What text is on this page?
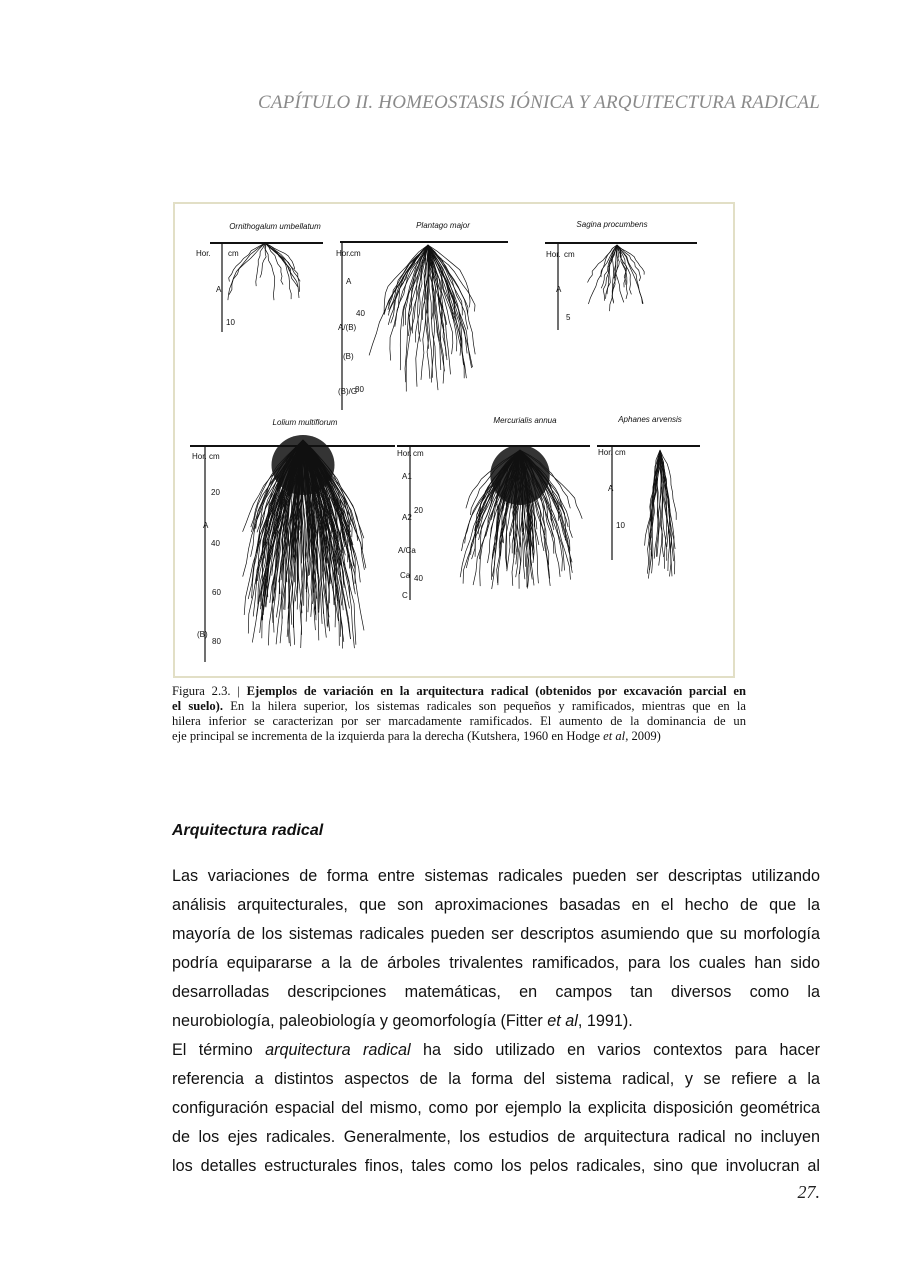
CAPÍTULO II. HOMEOSTASIS IÓNICA Y ARQUITECTURA RADICAL
Ornithogalum umbellatum
Hor. cm
A
10
Plantago major
Hor. cm
A
40
A/(B)
(B)
(B)/G
80
Sagina procumbens
Hor. cm
A
5
Lolium multiflorum
Hor. cm
20
A
40
60
(B)
80
Mercurialis annua
Hor. cm
A1
A2
20
A/Ca
Ca 40
C
Aphanes arvensis
Hor. cm
A
10
Figura 2.3. | Ejemplos de variación en la arquitectura radical (obtenidos por excavación parcial en
el suelo). En la hilera superior, los sistemas radicales son pequeños y ramificados, mientras que en la
hilera inferior se caracterizan por ser marcadamente ramificados. El aumento de la dominancia de un
eje principal se incrementa de la izquierda para la derecha (Kutshera, 1960 en Hodge et al, 2009)
Arquitectura radical
Las variaciones de forma entre sistemas radicales pueden ser descriptas utilizando
análisis arquitecturales, que son aproximaciones basadas en el hecho de que la
mayoría de los sistemas radicales pueden ser descriptos asumiendo que su morfología
podría equipararse a la de árboles trivalentes ramificados, para los cuales han sido
desarrolladas descripciones matemáticas, en campos tan diversos como la
neurobiología, paleobiología y geomorfología (Fitter et al, 1991).
El término arquitectura radical ha sido utilizado en varios contextos para hacer
referencia a distintos aspectos de la forma del sistema radical, y se refiere a la
configuración espacial del mismo, como por ejemplo la explicita disposición geométrica
de los ejes radicales. Generalmente, los estudios de arquitectura radical no incluyen
los detalles estructurales finos, tales como los pelos radicales, sino que involucran al
27.
